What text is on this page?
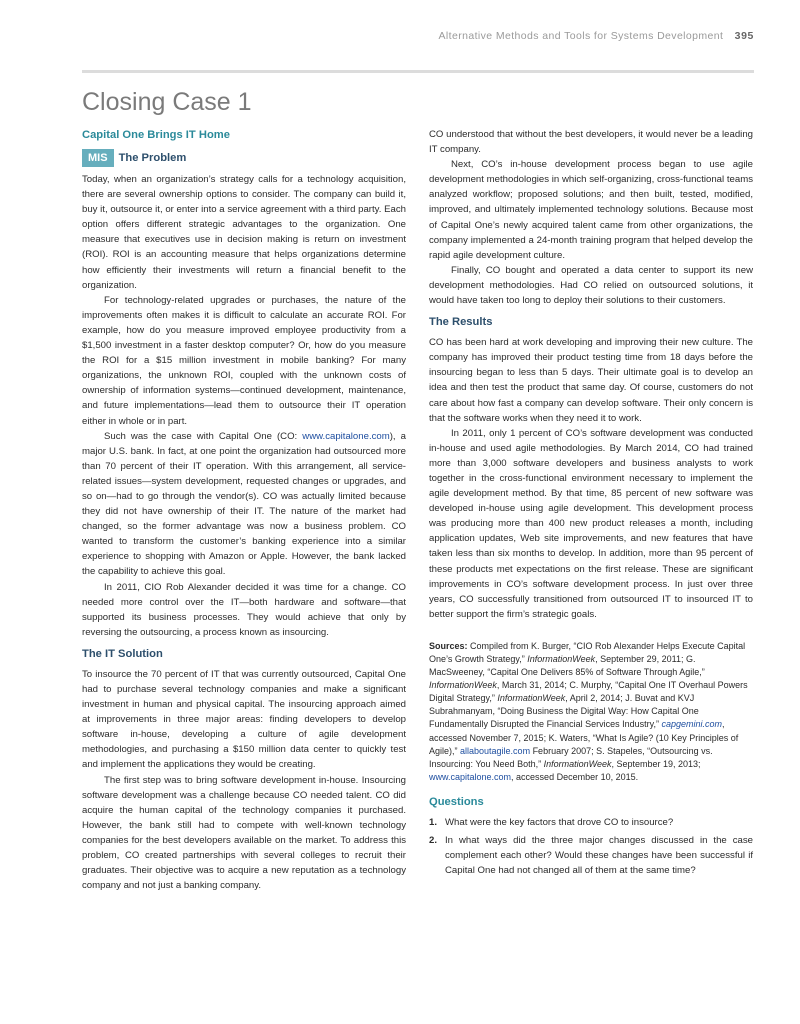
Alternative Methods and Tools for Systems Development 395
Closing Case 1
Capital One Brings IT Home
MIS The Problem

Today, when an organization’s strategy calls for a technology acquisition, there are several ownership options to consider. The company can build it, buy it, outsource it, or enter into a service agreement with a third party. Each option offers different strategic advantages to the organization. One measure that executives use in decision making is return on investment (ROI). ROI is an accounting measure that helps organizations determine how efficiently their investments will return a financial benefit to the organization.

For technology-related upgrades or purchases, the nature of the improvements often makes it is difficult to calculate an accurate ROI. For example, how do you measure improved employee productivity from a $1,500 investment in a faster desktop computer? Or, how do you measure the ROI for a $15 million investment in mobile banking? For many organizations, the unknown ROI, coupled with the unknown costs of ownership of information systems—continued development, maintenance, and future implementations—lead them to outsource their IT operation either in whole or in part.

Such was the case with Capital One (CO: www.capitalone.com), a major U.S. bank. In fact, at one point the organization had outsourced more than 70 percent of their IT operation. With this arrangement, all service-related issues—system development, requested changes or upgrades, and so on—had to go through the vendor(s). CO was actually limited because they did not have ownership of their IT. The nature of the market had changed, so the former advantage was now a business problem. CO wanted to transform the customer’s banking experience into a similar experience to shopping with Amazon or Apple. However, the bank lacked the capability to achieve this goal.

In 2011, CIO Rob Alexander decided it was time for a change. CO needed more control over the IT—both hardware and software—that supported its business processes. They would achieve that only by reversing the outsourcing, a process known as insourcing.

The IT Solution

To insource the 70 percent of IT that was currently outsourced, Capital One had to purchase several technology companies and make a significant investment in human and physical capital. The insourcing approach aimed at improvements in three major areas: finding developers to develop software in-house, developing a culture of agile development methodologies, and purchasing a $150 million data center to quickly test and implement the applications they would be creating.

The first step was to bring software development in-house. Insourcing software development was a challenge because CO needed talent. CO did acquire the human capital of the technology companies it purchased. However, the bank still had to compete with well-known technology companies for the best developers available on the market. To address this problem, CO created partnerships with several colleges to recruit their graduates. Their objective was to acquire a new reputation as a technology company and not just a banking company.

CO understood that without the best developers, it would never be a leading IT company.

Next, CO’s in-house development process began to use agile development methodologies in which self-organizing, cross-functional teams analyzed workflow; proposed solutions; and then built, tested, modified, improved, and ultimately implemented technology solutions. Because most of Capital One’s newly acquired talent came from other organizations, the company implemented a 24-month training program that helped develop the rapid agile development culture.

Finally, CO bought and operated a data center to support its new development methodologies. Had CO relied on outsourced solutions, it would have taken too long to deploy their solutions to their customers.

The Results

CO has been hard at work developing and improving their new culture. The company has improved their product testing time from 18 days before the insourcing began to less than 5 days. Their ultimate goal is to develop an idea and then test the product that same day. Of course, customers do not care about how fast a company can develop software. Their only concern is that the software works when they need it to work.

In 2011, only 1 percent of CO’s software development was conducted in-house and used agile methodologies. By March 2014, CO had trained more than 3,000 software developers and business analysts to work together in the cross-functional environment necessary to implement the agile development method. By that time, 85 percent of new software was developed in-house using agile development. This development process was producing more than 400 new product releases a month, including application updates, Web site improvements, and new features that have taken less than six months to develop. In addition, more than 95 percent of these products met expectations on the first release. These are significant improvements in CO’s software development process. In just over three years, CO successfully transitioned from outsourced IT to insourced IT to better support the firm’s strategic goals.

Sources: Compiled from K. Burger, “CIO Rob Alexander Helps Execute Capital One’s Growth Strategy,” InformationWeek, September 29, 2011; G. MacSweeney, “Capital One Delivers 85% of Software Through Agile,” InformationWeek, March 31, 2014; C. Murphy, “Capital One IT Overhaul Powers Digital Strategy,” InformationWeek, April 2, 2014; J. Buvat and KVJ Subrahmanyam, “Doing Business the Digital Way: How Capital One Fundamentally Disrupted the Financial Services Industry,” capgemini.com, accessed November 7, 2015; K. Waters, “What Is Agile? (10 Key Principles of Agile),” allaboutagile.com February 2007; S. Stapeles, “Outsourcing vs. Insourcing: You Need Both,” InformationWeek, September 19, 2013; www.capitalone.com, accessed December 10, 2015.

Questions
1. What were the key factors that drove CO to insource?
2. In what ways did the three major changes discussed in the case complement each other? Would these changes have been successful if Capital One had not changed all of them at the same time?
